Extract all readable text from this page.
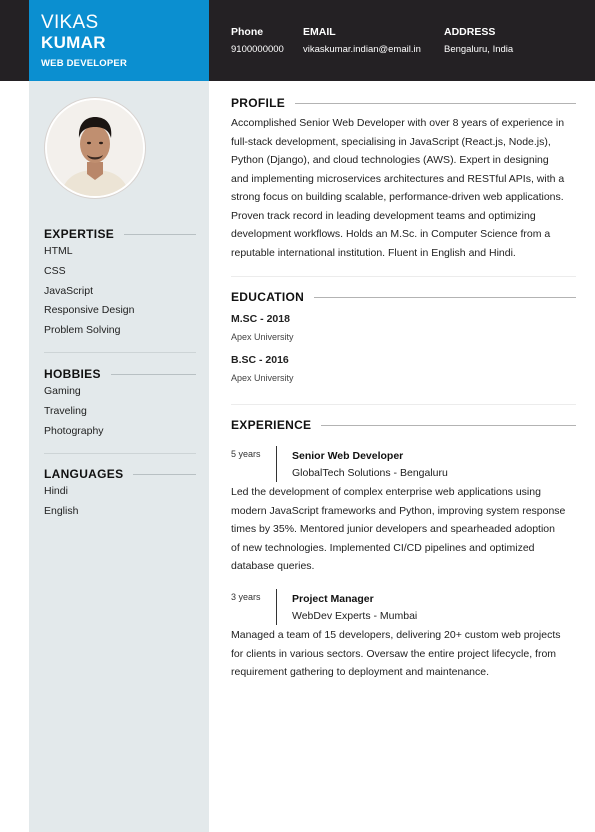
VIKAS
KUMAR
WEB DEVELOPER
Phone
9100000000
EMAIL
vikaskumar.indian@email.in
ADDRESS
Bengaluru, India
EXPERTISE
HTML
CSS
JavaScript
Responsive Design
Problem Solving
HOBBIES
Gaming
Traveling
Photography
LANGUAGES
Hindi
English
PROFILE
Accomplished Senior Web Developer with over 8 years of experience in
full-stack development, specialising in JavaScript (React.js, Node.js),
Python (Django), and cloud technologies (AWS). Expert in designing
and implementing microservices architectures and RESTful APIs, with a
strong focus on building scalable, performance-driven web applications.
Proven track record in leading development teams and optimizing
development workflows. Holds an M.Sc. in Computer Science from a
reputable international institution. Fluent in English and Hindi.
EDUCATION
M.SC - 2018
Apex University
B.SC - 2016
Apex University
EXPERIENCE
5 years	Senior Web Developer
GlobalTech Solutions - Bengaluru
Led the development of complex enterprise web applications using
modern JavaScript frameworks and Python, improving system response
times by 35%. Mentored junior developers and spearheaded adoption
of new technologies. Implemented CI/CD pipelines and optimized
database queries.
3 years	Project Manager
WebDev Experts - Mumbai
Managed a team of 15 developers, delivering 20+ custom web projects
for clients in various sectors. Oversaw the entire project lifecycle, from
requirement gathering to deployment and maintenance.
